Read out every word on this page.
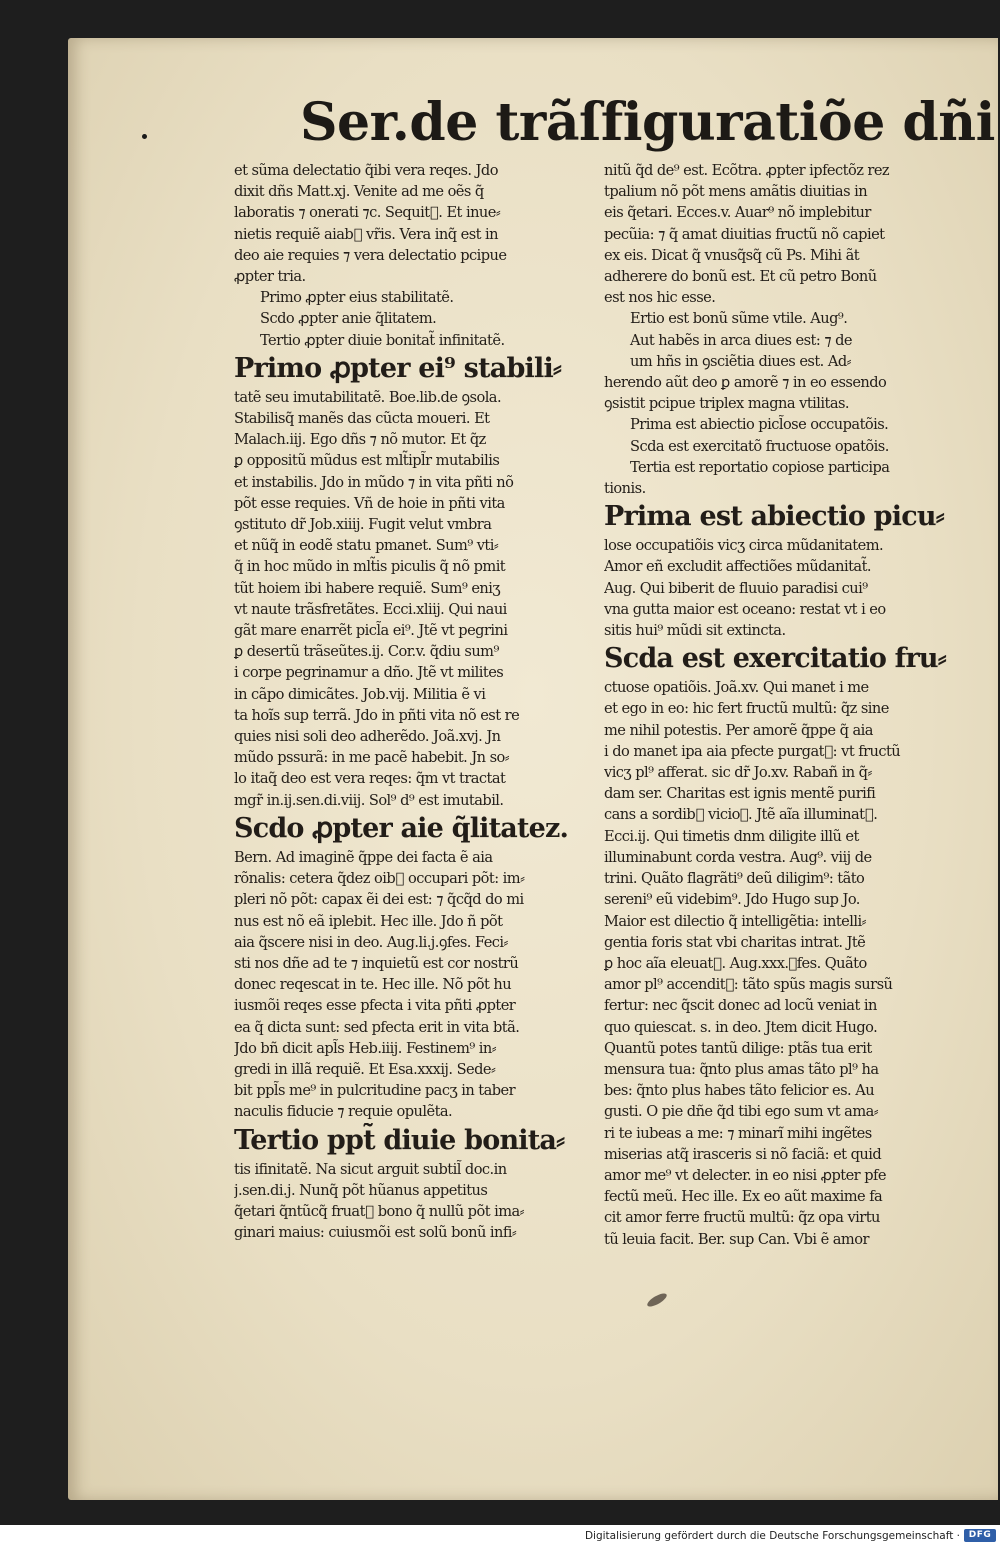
Ser.de trãſfiguratiõe dñi

et sũma delectatio q̃ibi vera reqes. Jdo

dixit dñs Matt.xj. Venite ad me oẽs q̃

laboratis ⁊ onerati ⁊c. Sequit᷑. Et inue⸗

nietis requiẽ aiab᷒ vr̃is. Vera inq̃ est in

deo aie requies ⁊ vera delectatio pcipue

ꝓpter tria.

Primo ꝓpter eius stabilitatẽ.

Scdo ꝓpter anie q̃litatem.

Tertio ꝓpter diuie bonitat̃ infinitatẽ.

Primo ꝓpter ei⁹ stabili⸗

tatẽ seu imutabilitatẽ. Boe.lib.de ꝯsola.

Stabilisq̃ manẽs das cũcta moueri. Et

Malach.iij. Ego dñs ⁊ nõ mutor. Et q̃z

ꝑ oppositũ mũdus est mlt̃ipl̃r mutabilis

et instabilis. Jdo in mũdo ⁊ in vita pñti nõ

põt esse requies. Vñ de hoie in pñti vita

ꝯstituto dr̃ Job.xiiij. Fugit velut vmbra

et nũq̃ in eodẽ statu pmanet. Sum⁹ vti⸗

q̃ in hoc mũdo in mlt̃is piculis q̃ nõ pmit

tũt hoiem ibi habere requiẽ. Sum⁹ eniʒ

vt naute trãsfretãtes. Ecci.xliij. Qui naui

gãt mare enarrẽt picl̃a ei⁹. Jtẽ vt pegrini

ꝑ desertũ trãseũtes.ij. Cor.v. q̃diu sum⁹

i corpe pegrinamur a dño. Jtẽ vt milites

in cãpo dimicãtes. Job.vij. Militia ẽ vi

ta hoĩs sup terrã. Jdo in pñti vita nõ est re

quies nisi soli deo adherẽdo. Joã.xvj. Jn

mũdo pssurã: in me pacẽ habebit. Jn so⸗

lo itaq̃ deo est vera reqes: q̃m vt tractat

mgr̃ in.ij.sen.di.viij. Sol⁹ d⁹ est imutabil.

Scdo ꝓpter aie q̃litatez.

Bern. Ad imaginẽ q̃ppe dei facta ẽ aia

rõnalis: cetera q̃dez oib᷒ occupari põt: im⸗

pleri nõ põt: capax ẽi dei est: ⁊ q̃cq̃d do mi

nus est nõ eã iplebit. Hec ille. Jdo ñ põt

aia q̃scere nisi in deo. Aug.li.j.ꝯfes. Feci⸗

sti nos dñe ad te ⁊ inquietũ est cor nostrũ

donec reqescat in te. Hec ille. Nõ põt hu

iusmõi reqes esse pfecta i vita pñti ꝓpter

ea q̃ dicta sunt: sed pfecta erit in vita btã.

Jdo bñ dicit apl̃s Heb.iiij. Festinem⁹ in⸗

gredi in illã requiẽ. Et Esa.xxxij. Sede⸗

bit ppl̃s me⁹ in pulcritudine pacʒ in taber

naculis fiducie ⁊ requie opulẽta.

Tertio ppt̃ diuie bonita⸗

tis ifinitatẽ. Na sicut arguit subtil̃ doc.in

j.sen.di.j. Nunq̃ põt hũanus appetitus

q̃etari q̃ntũcq̃ fruat᷑ bono q̃ nullũ põt ima⸗

ginari maius: cuiusmõi est solũ bonũ infi⸗

nitũ q̃d de⁹ est. Ecõtra. ꝓpter ipfectõz rez

tpalium nõ põt mens amãtis diuitias in

eis q̃etari. Ecces.v. Auar⁹ nõ implebitur

pecũia: ⁊ q̃ amat diuitias fructũ nõ capiet

ex eis. Dicat q̃ vnusq̃sq̃ cũ Ps. Mihi ãt

adherere do bonũ est. Et cũ petro Bonũ

est nos hic esse.

Ertio est bonũ sũme vtile. Aug⁹.

Aut habẽs in arca diues est: ⁊ de

um hñs in ꝯsciẽtia diues est. Ad⸗

herendo aũt deo ꝑ amorẽ ⁊ in eo essendo

ꝯsistit pcipue triplex magna vtilitas.

Prima est abiectio picl̃ose occupatõis.

Scda est exercitatõ fructuose opatõis.

Tertia est reportatio copiose participa

tionis.

Prima est abiectio picu⸗

lose occupatiõis vicʒ circa mũdanitatem.

Amor eñ excludit affectiões mũdanitat̃.

Aug. Qui biberit de fluuio paradisi cui⁹

vna gutta maior est oceano: restat vt i eo

sitis hui⁹ mũdi sit extincta.

Scda est exercitatio fru⸗

ctuose opatiõis. Joã.xv. Qui manet i me

et ego in eo: hic fert fructũ multũ: q̃z sine

me nihil potestis. Per amorẽ q̃ppe q̃ aia

i do manet ipa aia pfecte purgat᷑: vt fructũ

vicʒ pl⁹ afferat. sic dr̃ Jo.xv. Rabañ in q̃⸗

dam ser. Charitas est ignis mentẽ purifi

cans a sordib᷒ vicioꝝ. Jtẽ aĩa illuminat᷑.

Ecci.ij. Qui timetis dnm diligite illũ et

illuminabunt corda vestra. Aug⁹. viij de

trini. Quãto flagrãti⁹ deũ diligim⁹: tãto

sereni⁹ eũ videbim⁹. Jdo Hugo sup Jo.

Maior est dilectio q̃ intelligẽtia: intelli⸗

gentia foris stat vbi charitas intrat. Jtẽ

ꝑ hoc aĩa eleuat᷑. Aug.xxx.ꝯfes. Quãto

amor pl⁹ accendit᷑: tãto spũs magis sursũ

fertur: nec q̃scit donec ad locũ veniat in

quo quiescat. s. in deo. Jtem dicit Hugo.

Quantũ potes tantũ dilige: ptãs tua erit

mensura tua: q̃nto plus amas tãto pl⁹ ha

bes: q̃nto plus habes tãto felicior es. Au

gusti. O pie dñe q̃d tibi ego sum vt ama⸗

ri te iubeas a me: ⁊ minarĩ mihi ingẽtes

miserias atq̃ irasceris si nõ faciã: et quid

amor me⁹ vt delecter. in eo nisi ꝓpter pfe

fectũ meũ. Hec ille. Ex eo aũt maxime fa

cit amor ferre fructũ multũ: q̃z opa virtu

tũ leuia facit. Ber. sup Can. Vbi ẽ amor

Digitalisierung gefördert durch die Deutsche Forschungsgemeinschaft · DFG
